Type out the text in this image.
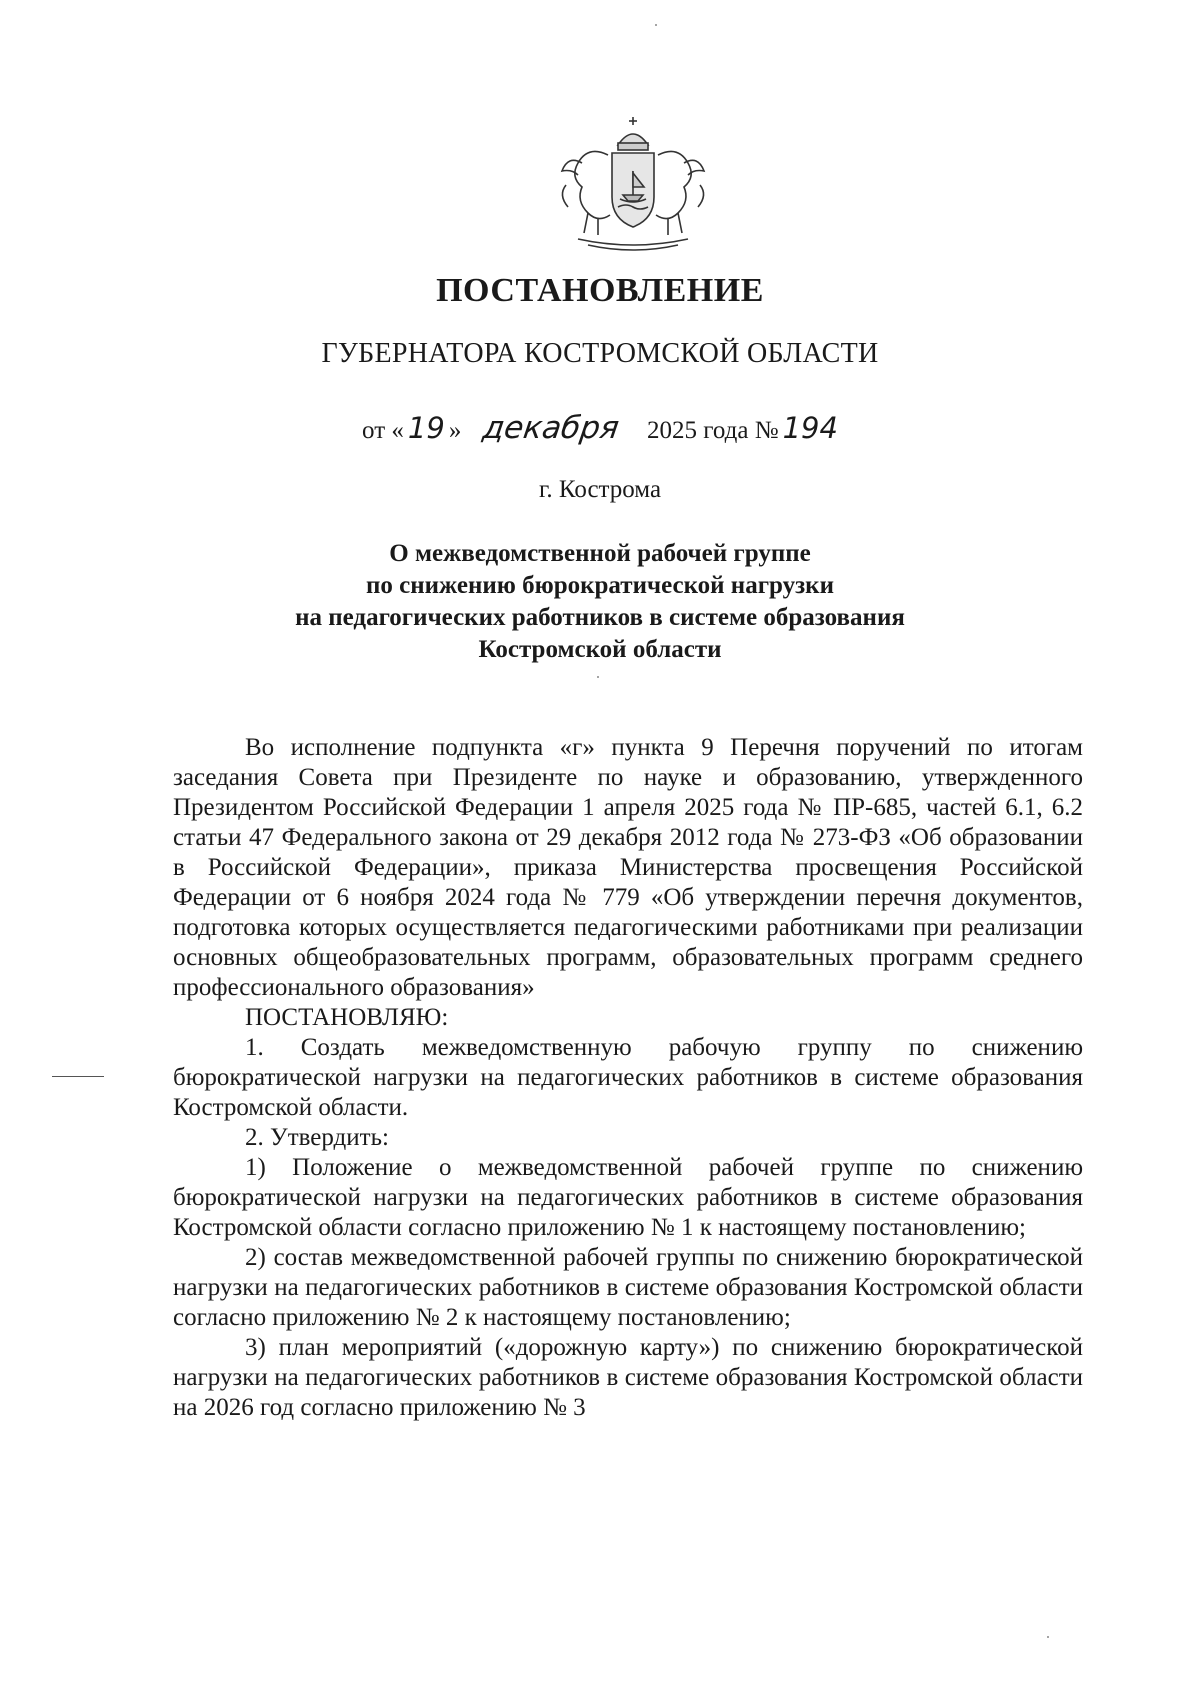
ПОСТАНОВЛЕНИЕ
ГУБЕРНАТОРА КОСТРОМСКОЙ ОБЛАСТИ
от « 19 » декабря 2025 года № 194
г. Кострома
О межведомственной рабочей группе
по снижению бюрократической нагрузки
на педагогических работников в системе образования
Костромской области

Во исполнение подпункта «г» пункта 9 Перечня поручений по итогам заседания Совета при Президенте по науке и образованию, утвержденного Президентом Российской Федерации 1 апреля 2025 года № ПР-685, частей 6.1, 6.2 статьи 47 Федерального закона от 29 декабря 2012 года № 273-ФЗ «Об образовании в Российской Федерации», приказа Министерства просвещения Российской Федерации от 6 ноября 2024 года № 779 «Об утверждении перечня документов, подготовка которых осуществляется педагогическими работниками при реализации основных общеобразовательных программ, образовательных программ среднего профессионального образования»

ПОСТАНОВЛЯЮ:

1. Создать межведомственную рабочую группу по снижению бюрократической нагрузки на педагогических работников в системе образования Костромской области.

2. Утвердить:

1) Положение о межведомственной рабочей группе по снижению бюрократической нагрузки на педагогических работников в системе образования Костромской области согласно приложению № 1 к настоящему постановлению;

2) состав межведомственной рабочей группы по снижению бюрократической нагрузки на педагогических работников в системе образования Костромской области согласно приложению № 2 к настоящему постановлению;

3) план мероприятий («дорожную карту») по снижению бюрократической нагрузки на педагогических работников в системе образования Костромской области на 2026 год согласно приложению № 3
